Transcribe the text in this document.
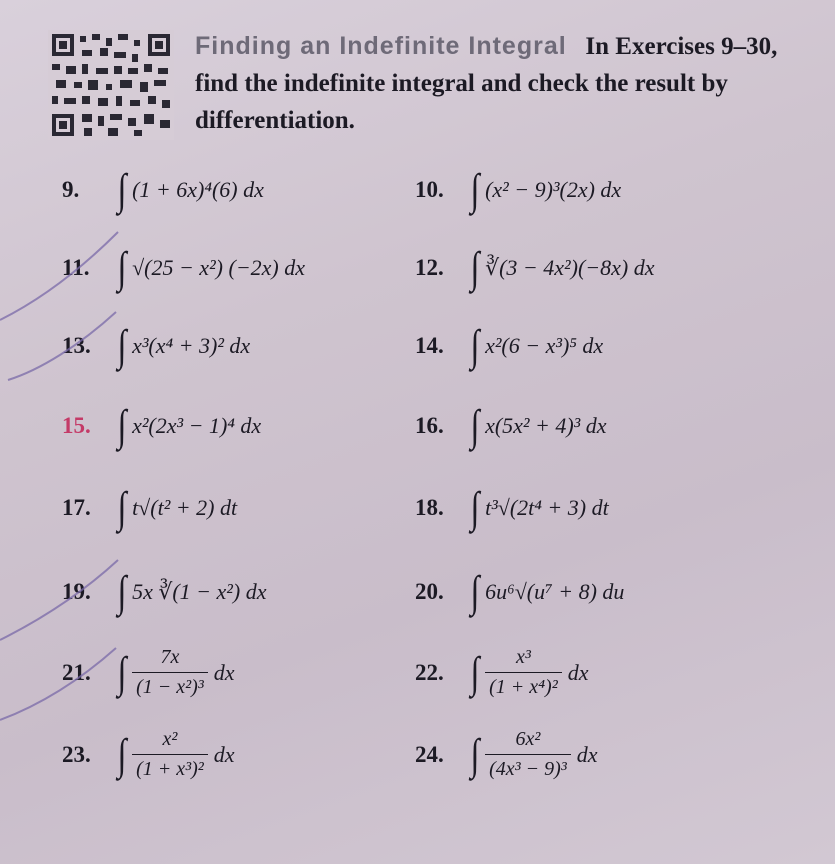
Finding an Indefinite Integral In Exercises 9–30, find the indefinite integral and check the result by differentiation.
9. ∫ (1 + 6x)⁴(6) dx	10. ∫ (x² − 9)³(2x) dx
11. ∫ √(25 − x²) (−2x) dx	12. ∫ ∛(3 − 4x²)(−8x) dx
13. ∫ x³(x⁴ + 3)² dx	14. ∫ x²(6 − x³)⁵ dx
15. ∫ x²(2x³ − 1)⁴ dx	16. ∫ x(5x² + 4)³ dx
17. ∫ t√(t² + 2) dt	18. ∫ t³√(2t⁴ + 3) dt
19. ∫ 5x ∛(1 − x²) dx	20. ∫ 6u⁶√(u⁷ + 8) du
21. ∫ $\frac{7x}{\text{(1 − x²)³}}$ dx	22. ∫ $\frac{\text{x³}}{\text{(1 + x⁴)²}}$ dx
23. ∫ $\frac{\text{x²}}{\text{(1 + x³)²}}$ dx	24. ∫ $\frac{\text{6x²}}{\text{(4x³ − 9)³}}$ dx
